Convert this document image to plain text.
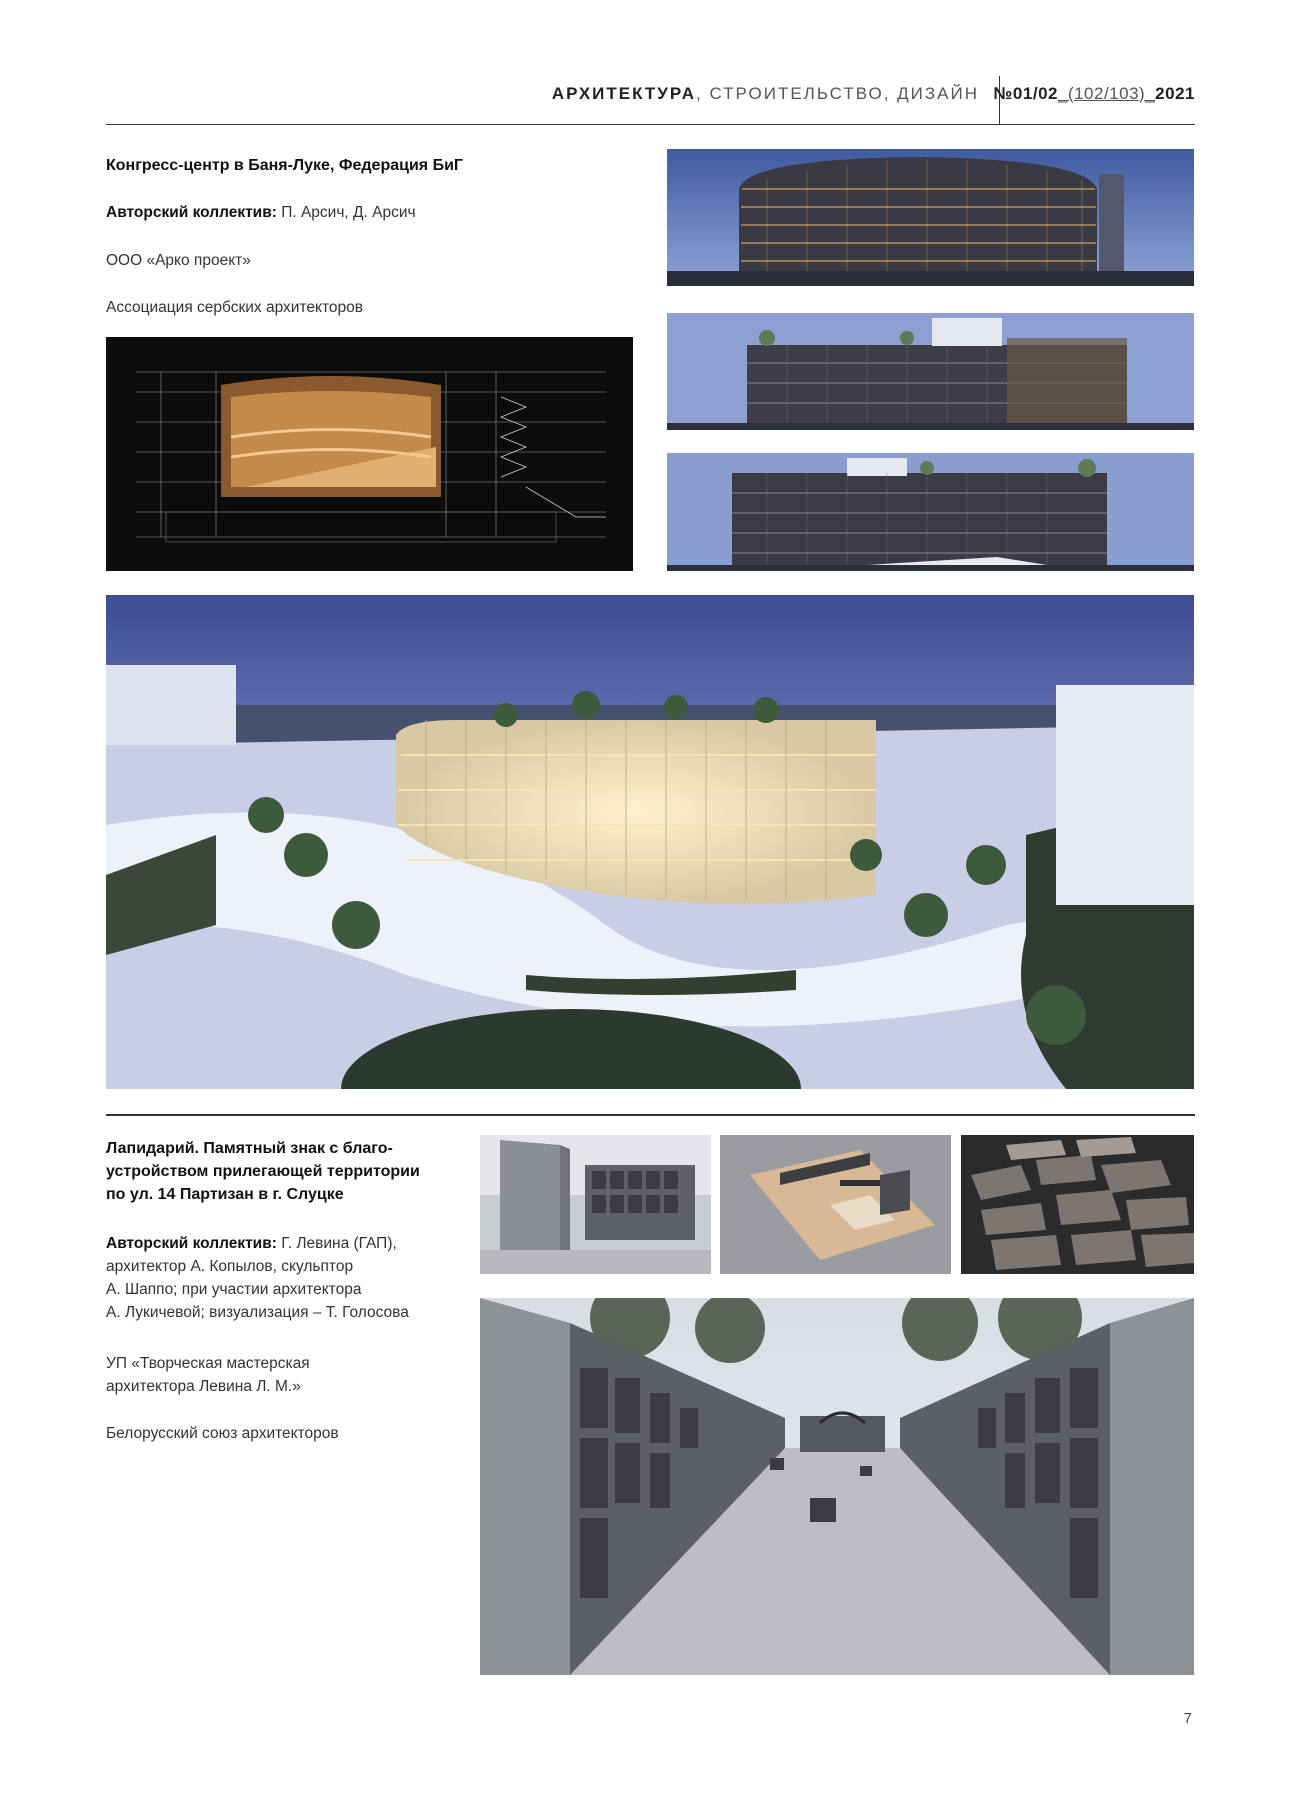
АРХИТЕКТУРА, СТРОИТЕЛЬСТВО, ДИЗАЙН №01/02_(102/103)_2021
Конгресс-центр в Баня-Луке, Федерация БиГ
Авторский коллектив: П. Арсич, Д. Арсич
ООО «Арко проект»
Ассоциация сербских архитекторов
Лапидарий. Памятный знак с благо-
устройством прилегающей территории
по ул. 14 Партизан в г. Слуцке
Авторский коллектив: Г. Левина (ГАП),
архитектор А. Копылов, скульптор
А. Шаппо; при участии архитектора
А. Лукичевой; визуализация – Т. Голосова
УП «Творческая мастерская
архитектора Левина Л. М.»
Белорусский союз архитекторов
7
